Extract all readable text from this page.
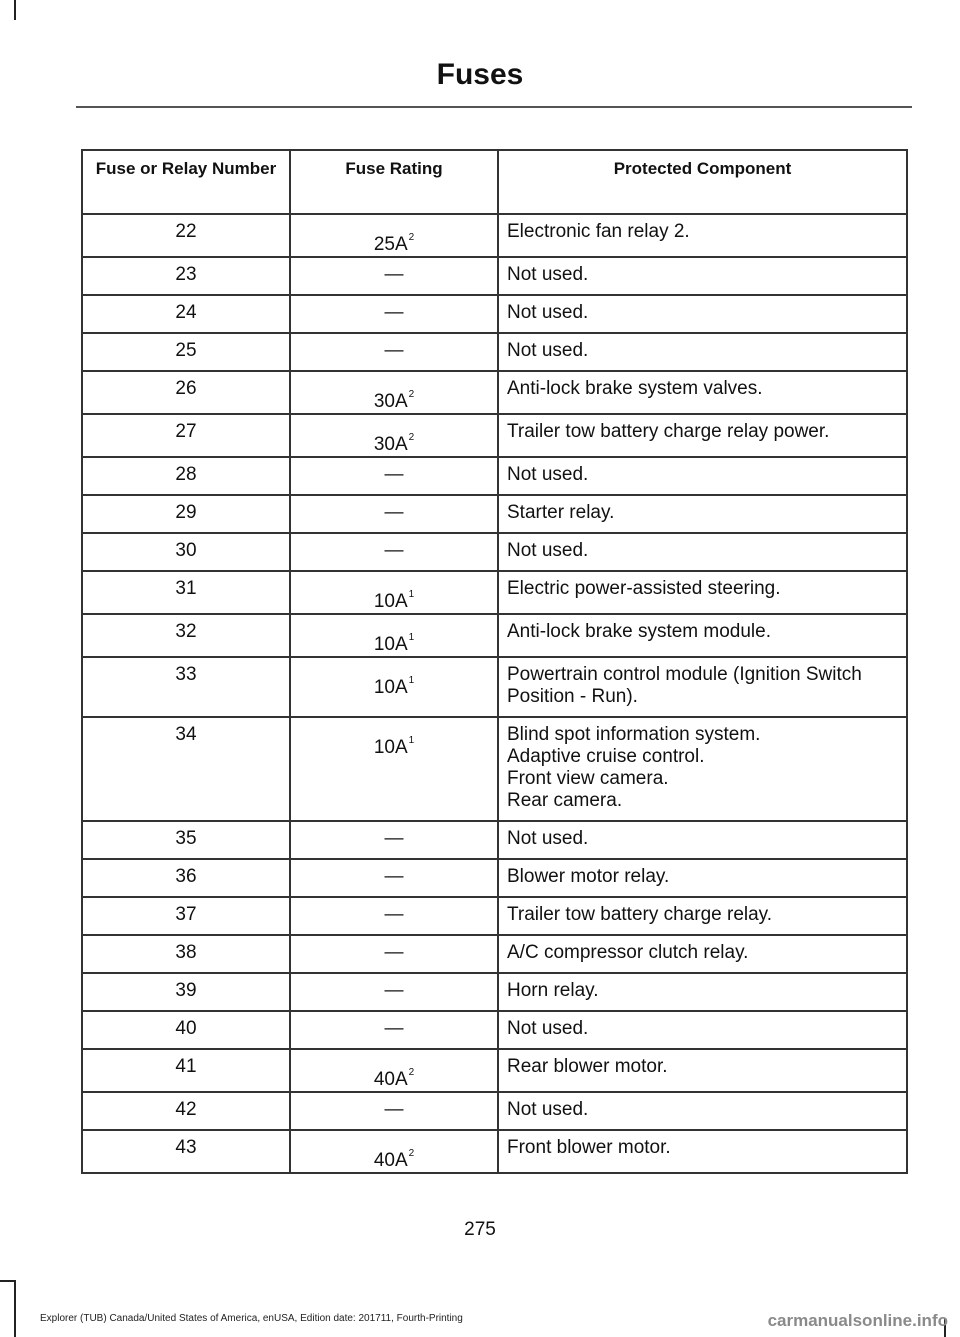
Fuses
Fuse or Relay Number	Fuse Rating	Protected Component
22	$25A^2$	Electronic fan relay 2.
23	—	Not used.
24	—	Not used.
25	—	Not used.
26	$30A^2$	Anti-lock brake system valves.
27	$30A^2$	Trailer tow battery charge relay power.
28	—	Not used.
29	—	Starter relay.
30	—	Not used.
31	$10A^1$	Electric power-assisted steering.
32	$10A^1$	Anti-lock brake system module.
33	$10A^1$	Powertrain control module (Ignition Switch Position - Run).
34	$10A^1$	Blind spot information system.
Adaptive cruise control.
Front view camera.
Rear camera.
35	—	Not used.
36	—	Blower motor relay.
37	—	Trailer tow battery charge relay.
38	—	A/C compressor clutch relay.
39	—	Horn relay.
40	—	Not used.
41	$40A^2$	Rear blower motor.
42	—	Not used.
43	$40A^2$	Front blower motor.
275
Explorer (TUB) Canada/United States of America, enUSA, Edition date: 201711, Fourth-Printing	carmanualsonline.info
